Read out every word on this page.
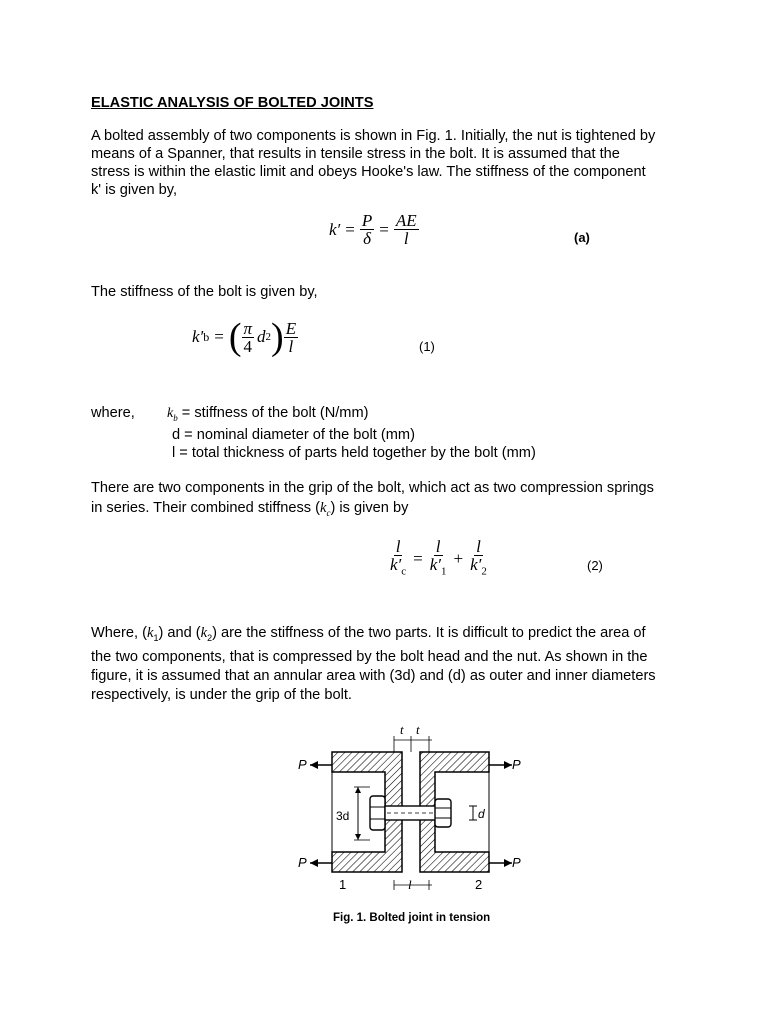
ELASTIC ANALYSIS OF BOLTED JOINTS
A bolted assembly of two components is shown in Fig. 1. Initially, the nut is tightened by
means of a Spanner, that results in tensile stress in the bolt. It is assumed that the
stress is within the elastic limit and obeys Hooke's law. The stiffness of the component
k' is given by,
$k' = \frac{P}{\delta} = \frac{AE}{l}$	(a)
The stiffness of the bolt is given by,
k′ b = ( $\frac{\pi}{4}$ d 2 ) $\frac{E}{l}$	(1)
where, $k_b$ = stiffness of the bolt (N/mm)
d = nominal diameter of the bolt (mm)
l = total thickness of parts held together by the bolt (mm)
There are two components in the grip of the bolt, which act as two compression springs
in series. Their combined stiffness $(k_c)$ is given by
$\frac{l}{k'_c} = \frac{l}{k'_1} + \frac{l}{k'_2}$	(2)
Where, $(k_1)$ and $(k_2)$ are the stiffness of the two parts. It is difficult to predict the area of
the two components, that is compressed by the bolt head and the nut. As shown in the
figure, it is assumed that an annular area with (3d) and (d) as outer and inner diameters
respectively, is under the grip of the bolt.
t t
P	P
P	P
3d	d
1	2
l
Fig. 1. Bolted joint in tension
